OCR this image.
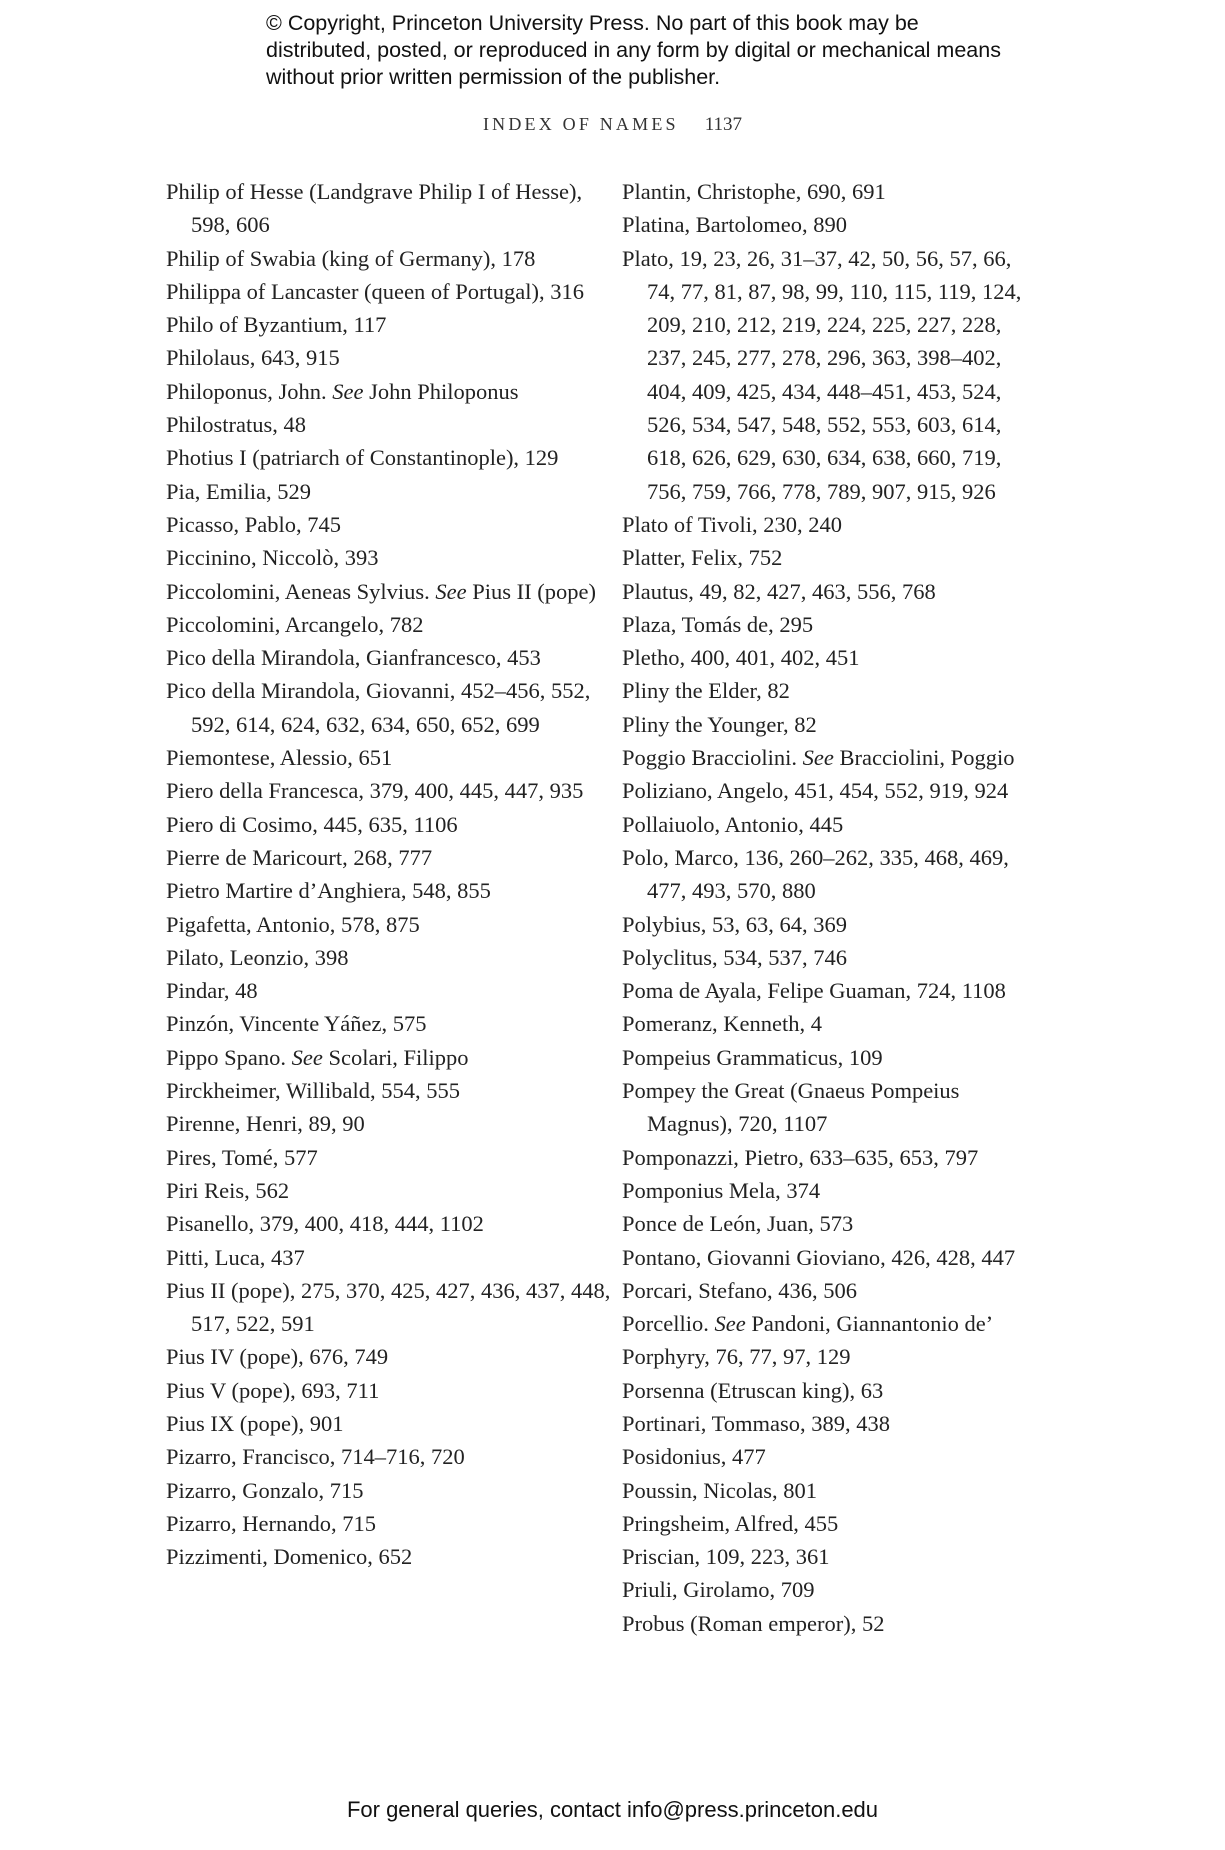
© Copyright, Princeton University Press. No part of this book may be distributed, posted, or reproduced in any form by digital or mechanical means without prior written permission of the publisher.
INDEX OF NAMES 1137
Philip of Hesse (Landgrave Philip I of Hesse), 598, 606
Philip of Swabia (king of Germany), 178
Philippa of Lancaster (queen of Portugal), 316
Philo of Byzantium, 117
Philolaus, 643, 915
Philoponus, John. See John Philoponus
Philostratus, 48
Photius I (patriarch of Constantinople), 129
Pia, Emilia, 529
Picasso, Pablo, 745
Piccinino, Niccolò, 393
Piccolomini, Aeneas Sylvius. See Pius II (pope)
Piccolomini, Arcangelo, 782
Pico della Mirandola, Gianfrancesco, 453
Pico della Mirandola, Giovanni, 452–456, 552, 592, 614, 624, 632, 634, 650, 652, 699
Piemontese, Alessio, 651
Piero della Francesca, 379, 400, 445, 447, 935
Piero di Cosimo, 445, 635, 1106
Pierre de Maricourt, 268, 777
Pietro Martire d’Anghiera, 548, 855
Pigafetta, Antonio, 578, 875
Pilato, Leonzio, 398
Pindar, 48
Pinzón, Vincente Yáñez, 575
Pippo Spano. See Scolari, Filippo
Pirckheimer, Willibald, 554, 555
Pirenne, Henri, 89, 90
Pires, Tomé, 577
Piri Reis, 562
Pisanello, 379, 400, 418, 444, 1102
Pitti, Luca, 437
Pius II (pope), 275, 370, 425, 427, 436, 437, 448, 517, 522, 591
Pius IV (pope), 676, 749
Pius V (pope), 693, 711
Pius IX (pope), 901
Pizarro, Francisco, 714–716, 720
Pizarro, Gonzalo, 715
Pizarro, Hernando, 715
Pizzimenti, Domenico, 652
Plantin, Christophe, 690, 691
Platina, Bartolomeo, 890
Plato, 19, 23, 26, 31–37, 42, 50, 56, 57, 66, 74, 77, 81, 87, 98, 99, 110, 115, 119, 124, 209, 210, 212, 219, 224, 225, 227, 228, 237, 245, 277, 278, 296, 363, 398–402, 404, 409, 425, 434, 448–451, 453, 524, 526, 534, 547, 548, 552, 553, 603, 614, 618, 626, 629, 630, 634, 638, 660, 719, 756, 759, 766, 778, 789, 907, 915, 926
Plato of Tivoli, 230, 240
Platter, Felix, 752
Plautus, 49, 82, 427, 463, 556, 768
Plaza, Tomás de, 295
Pletho, 400, 401, 402, 451
Pliny the Elder, 82
Pliny the Younger, 82
Poggio Bracciolini. See Bracciolini, Poggio
Poliziano, Angelo, 451, 454, 552, 919, 924
Pollaiuolo, Antonio, 445
Polo, Marco, 136, 260–262, 335, 468, 469, 477, 493, 570, 880
Polybius, 53, 63, 64, 369
Polyclitus, 534, 537, 746
Poma de Ayala, Felipe Guaman, 724, 1108
Pomeranz, Kenneth, 4
Pompeius Grammaticus, 109
Pompey the Great (Gnaeus Pompeius Magnus), 720, 1107
Pomponazzi, Pietro, 633–635, 653, 797
Pomponius Mela, 374
Ponce de León, Juan, 573
Pontano, Giovanni Gioviano, 426, 428, 447
Porcari, Stefano, 436, 506
Porcellio. See Pandoni, Giannantonio de’
Porphyry, 76, 77, 97, 129
Porsenna (Etruscan king), 63
Portinari, Tommaso, 389, 438
Posidonius, 477
Poussin, Nicolas, 801
Pringsheim, Alfred, 455
Priscian, 109, 223, 361
Priuli, Girolamo, 709
Probus (Roman emperor), 52
For general queries, contact info@press.princeton.edu
